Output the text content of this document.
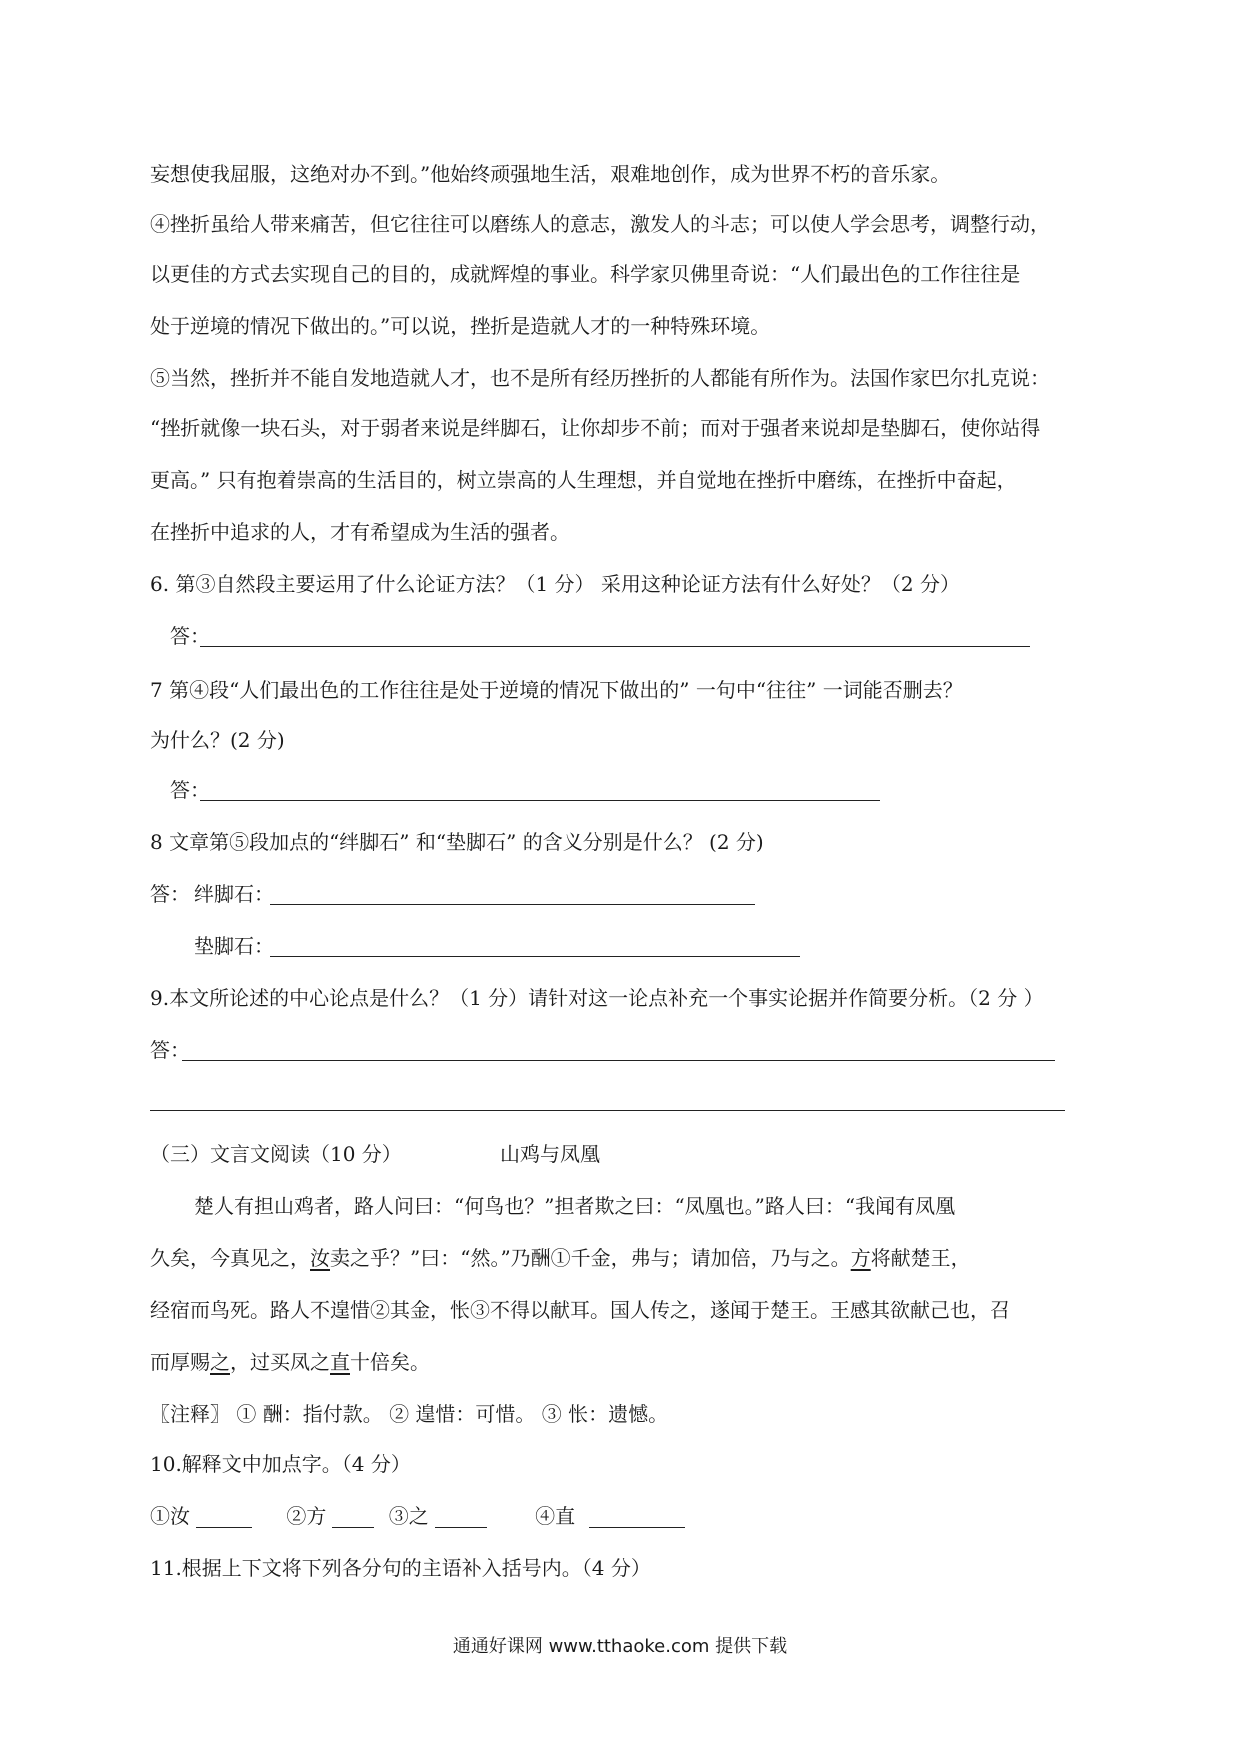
妄想使我屈服，这绝对办不到。”他始终顽强地生活，艰难地创作，成为世界不朽的音乐家。
④挫折虽给人带来痛苦，但它往往可以磨练人的意志，激发人的斗志；可以使人学会思考，调整行动，
以更佳的方式去实现自己的目的，成就辉煌的事业。科学家贝佛里奇说：“人们最出色的工作往往是
处于逆境的情况下做出的。”可以说，挫折是造就人才的一种特殊环境。
⑤当然，挫折并不能自发地造就人才，也不是所有经历挫折的人都能有所作为。法国作家巴尔扎克说：
“挫折就像一块石头，对于弱者来说是绊脚石，让你却步不前；而对于强者来说却是垫脚石，使你站得
更高。” 只有抱着崇高的生活目的，树立崇高的人生理想，并自觉地在挫折中磨练，在挫折中奋起，
在挫折中追求的人，才有希望成为生活的强者。
6. 第③自然段主要运用了什么论证方法？（1 分） 采用这种论证方法有什么好处？（2 分）
答：
7 第④段“人们最出色的工作往往是处于逆境的情况下做出的” 一句中“往往” 一词能否删去？
为什么？(2 分)
答：
8 文章第⑤段加点的“绊脚石” 和“垫脚石” 的含义分别是什么？ (2 分)
答： 绊脚石：
垫脚石：
9.本文所论述的中心论点是什么？（1 分）请针对这一论点补充一个事实论据并作简要分析。（2 分 ）
答：
（三）文言文阅读（10 分）	山鸡与凤凰
楚人有担山鸡者，路人问曰：“何鸟也？”担者欺之曰：“凤凰也。”路人曰：“我闻有凤凰
久矣，今真见之，汝卖之乎？”曰：“然。”乃酬①千金，弗与；请加倍，乃与之。方将献楚王，
经宿而鸟死。路人不遑惜②其金，怅③不得以献耳。国人传之，遂闻于楚王。王感其欲献己也，召
而厚赐之，过买凤之直十倍矣。
〖注释〗 ① 酬：指付款。 ② 遑惜：可惜。 ③ 怅：遗憾。
10.解释文中加点字。（4 分）
①汝	②方	③之	④直
11.根据上下文将下列各分句的主语补入括号内。（4 分）
通通好课网 www.tthaoke.com 提供下载
